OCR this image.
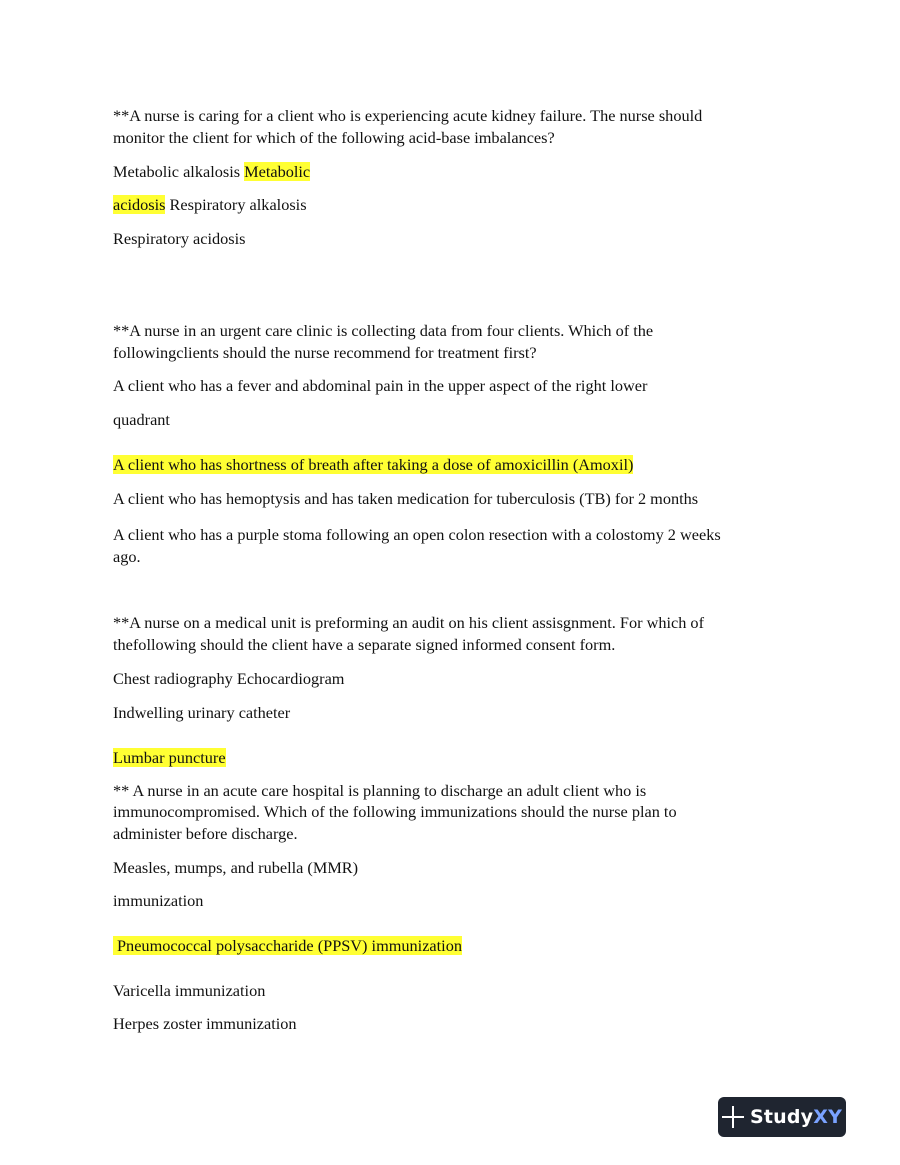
**A nurse is caring for a client who is experiencing acute kidney failure. The nurse should

monitor the client for which of the following acid-base imbalances?

Metabolic alkalosis Metabolic

acidosis Respiratory alkalosis

Respiratory acidosis

**A nurse in an urgent care clinic is collecting data from four clients. Which of the

followingclients should the nurse recommend for treatment first?

A client who has a fever and abdominal pain in the upper aspect of the right lower

quadrant

A client who has shortness of breath after taking a dose of amoxicillin (Amoxil)

A client who has hemoptysis and has taken medication for tuberculosis (TB) for 2 months

A client who has a purple stoma following an open colon resection with a colostomy 2 weeks

ago.

**A nurse on a medical unit is preforming an audit on his client assisgnment. For which of

thefollowing should the client have a separate signed informed consent form.

Chest radiography Echocardiogram

Indwelling urinary catheter

Lumbar puncture

** A nurse in an acute care hospital is planning to discharge an adult client who is

immunocompromised. Which of the following immunizations should the nurse plan to

administer before discharge.

Measles, mumps, and rubella (MMR)

immunization

Pneumococcal polysaccharide (PPSV) immunization

Varicella immunization

Herpes zoster immunization

Study XY
